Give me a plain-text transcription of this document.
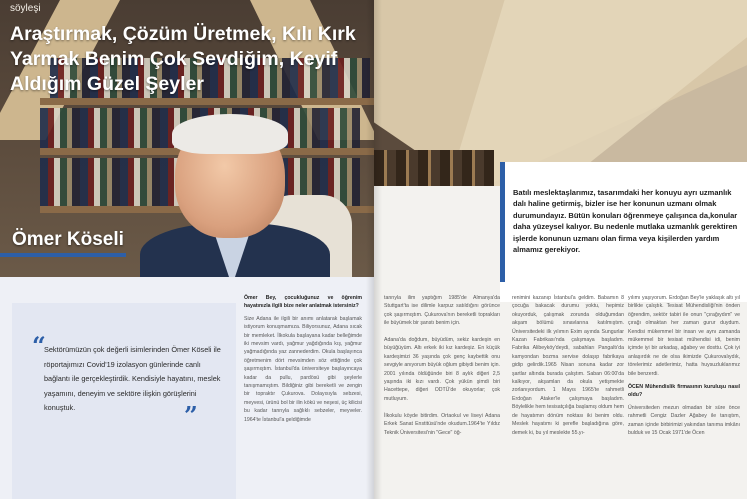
söyleşi
Araştırmak, Çözüm Üretmek, Kılı Kırk
Yarmak Benim Çok Sevdiğim, Keyif
Aldığım Güzel Şeyler
Ömer Köseli
“
Sektörümüzün çok değerli isimlerinden Ömer Köseli ile röportajımızı Covid'19 izolasyon günlerinde canlı bağlantı ile gerçekleştirdik. Kendisiyle hayatını, meslek yaşamını, deneyim ve sektöre ilişkin görüşlerini konuştuk.	”
Ömer Bey, çocukluğunuz ve öğrenim hayatınızla ilgili bize neler anlatmak istersiniz?
Size Adana ile ilgili bir anımı anlatarak başlamak istiyorum konuşmamıza. Biliyorsunuz, Adana sıcak bir memleket. İlkokula başlayana kadar belleğimde iki mevsim vardı, yağmur yağdığında kış, yağmur yağmadığında yaz zannederdim. Okula başlayınca öğretmenim dört mevsimden söz ettiğinde çok şaşırmıştım. İstanbul'da üniversiteye başlayıncaya kadar da pullu, pardösü gibi şeylerle tanışmamıştım. Bildiğiniz gibi bereketli ve zengin bir topraktır Çukurova. Dolayısıyla sebzesi, meyvesi, ürünü bol bir ilin kökü ve neşesi, üç kilicisi bu kadar tanrıyla sağlıklı sebzeler, meyveler. 1964'te İstanbul'a geldiğimde
Batılı meslektaşlarımız, tasarımdaki her konuyu ayrı uzmanlık dalı haline getirmiş, bizler ise her konunun uzmanı olmak durumundayız. Bütün konuları öğrenmeye çalışınca da,konular daha yüzeysel kalıyor. Bu nedenle mutlaka uzmanlık gerektiren işlerde konunun uzmanı olan firma veya kişilerden yardım almamız gerekiyor.
tanrıyla ilim yaptığım 1985'de Almanya'da Stuttgart'ta ise dilimle karpuz satıldığını görünce çok şaşırmıştım. Çukurova'nın bereketli toprakları ile büyümek bir şanstı benim için.

Adana'da doğdum, büyüdüm, sekiz kardeşin en büyüğüyüm. Altı erkek iki kız kardeşiz. En küçük kardeşimizi 36 yaşında çok genç kaybettik onu sevgiyle anıyorum büyük oğlum gibiydi benim için. 2001 yılında öldüğünde biri 8 aylık diğeri 2,5 yaşında iki kızı vardı. Çok yükün şimdi biri Hacettepe, diğeri ODTÜ'de okuyorlar; çok mutluyum.

İlkokulu köyde bitirdim. Ortaokul ve liseyi Adana Erkek Sanat Enstitüsü'nde okudum.1964'te Yıldız Teknik Üniversitesi'nin "Gece" öğ-
renimini kazanıp İstanbul'a geldim. Babamın 8 çocuğa bakacak durumu yoktu, hepimiz okuyorduk, çalışmak zorunda olduğumdan akşam bölümü sınavlarına katılmıştım. Üniversitedeki ilk yılımın Exim ayında Sungurlar Kazan Fabrikası'nda çalışmaya başladım. Fabrika Alibeyköy'deydi, sabahları Pangaltı'da kamyondan bozma servise dolaşıp fabrikaya gidip gelirdik.1965 Nisan sonuna kadar zor şartlar altında burada çalıştım. Saban 06:00'da kalkıyor, akşamları da okula yetişmekte zorlanıyordum. 1 Mayıs 1965'te rahmetli Erdoğan Ataker'le çalışmaya başladım. Böylelikle hem tesisatçılığa başlamış oldum hem de hayatımın dönüm noktası iki benim oldu. Meslek hayatımı ki şerefle başladığına göre, demek ki, bu yıl meslekte 55.yı-
yılımı yaşıyorum. Erdoğan Bey'le yaklaşık altı yıl birlikte çalıştık. Tesisat Mühendisliği'nin önden öğrendim, sektör tabiri ile onun "çırağıydım" ve çırağı olmaktan her zaman gurur duydum. Kendisi mükemmel bir insan ve aynı zamanda mükemmel bir tesisat mühendisi idi, benim içimde iyi bir arkadaş, ağabey ve dosttu. Çok iyi anlaşırdık ne de olsa ikimizde Çukurovalıydık, törelerimiz adetlerimiz, hatta huysuzluklarımız bile benzerdi.
ÖCEN Mühendislik firmasının kuruluşu nasıl oldu?
Üniversiteden mezun olmadan bir süre önce rahmetli Cengiz Dazler Ağabey ile tanıştım, zaman içinde birbirimizi yakından tanıma imkânı bulduk ve 15 Ocak 1971'de Öcen
